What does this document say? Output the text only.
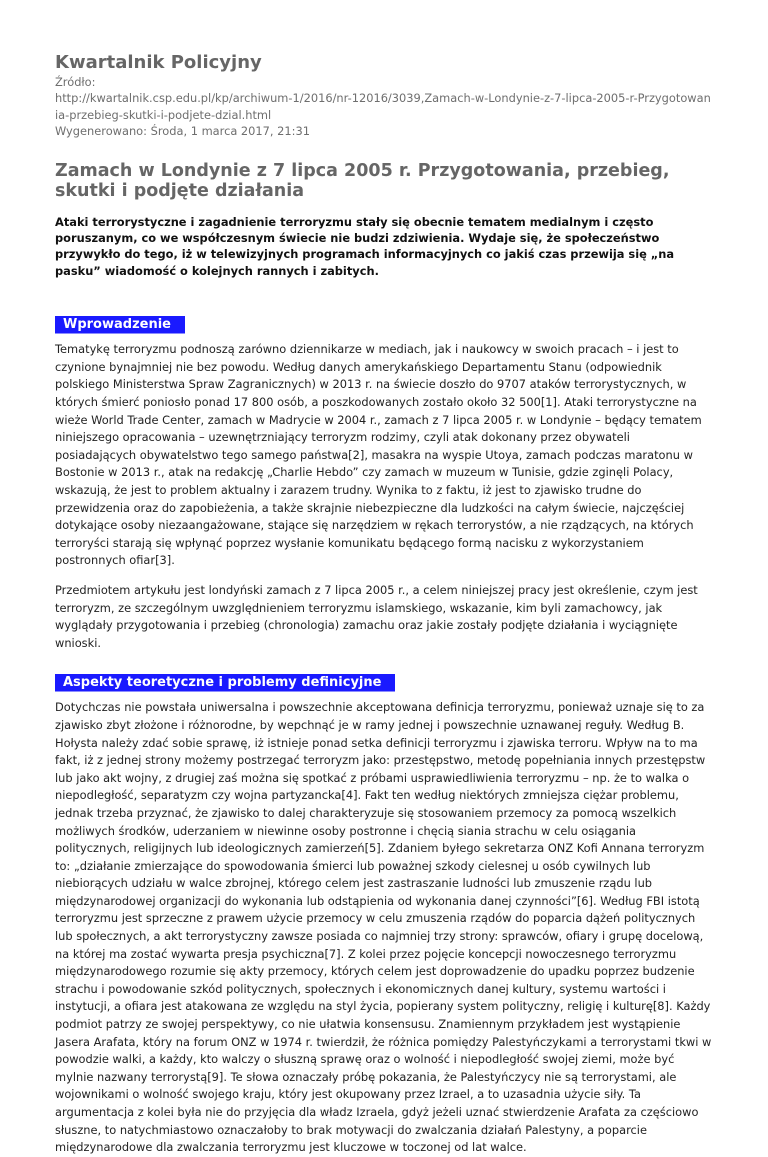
Kwartalnik Policyjny
Źródło:
http://kwartalnik.csp.edu.pl/kp/archiwum-1/2016/nr-12016/3039,Zamach-w-Londynie-z-7-lipca-2005-r-Przygotowania-przebieg-skutki-i-podjete-dzial.html
Wygenerowano: Środa, 1 marca 2017, 21:31
Zamach w Londynie z 7 lipca 2005 r. Przygotowania, przebieg, skutki i podjęte działania

Ataki terrorystyczne i zagadnienie terroryzmu stały się obecnie tematem medialnym i często poruszanym, co we współczesnym świecie nie budzi zdziwienia. Wydaje się, że społeczeństwo przywykło do tego, iż w telewizyjnych programach informacyjnych co jakiś czas przewija się „na pasku” wiadomość o kolejnych rannych i zabitych.

Wprowadzenie

Tematykę terroryzmu podnoszą zarówno dziennikarze w mediach, jak i naukowcy w swoich pracach – i jest to czynione bynajmniej nie bez powodu. Według danych amerykańskiego Departamentu Stanu (odpowiednik polskiego Ministerstwa Spraw Zagranicznych) w 2013 r. na świecie doszło do 9707 ataków terrorystycznych, w których śmierć poniosło ponad 17 800 osób, a poszkodowanych zostało około 32 500[1]. Ataki terrorystyczne na wieże World Trade Center, zamach w Madrycie w 2004 r., zamach z 7 lipca 2005 r. w Londynie – będący tematem niniejszego opracowania – uzewnętrzniający terroryzm rodzimy, czyli atak dokonany przez obywateli posiadających obywatelstwo tego samego państwa[2], masakra na wyspie Utoya, zamach podczas maratonu w Bostonie w 2013 r., atak na redakcję „Charlie Hebdo” czy zamach w muzeum w Tunisie, gdzie zginęli Polacy, wskazują, że jest to problem aktualny i zarazem trudny. Wynika to z faktu, iż jest to zjawisko trudne do przewidzenia oraz do zapobieżenia, a także skrajnie niebezpieczne dla ludzkości na całym świecie, najczęściej dotykające osoby niezaangażowane, stające się narzędziem w rękach terrorystów, a nie rządzących, na których terroryści starają się wpłynąć poprzez wysłanie komunikatu będącego formą nacisku z wykorzystaniem postronnych ofiar[3].

Przedmiotem artykułu jest londyński zamach z 7 lipca 2005 r., a celem niniejszej pracy jest określenie, czym jest terroryzm, ze szczególnym uwzględnieniem terroryzmu islamskiego, wskazanie, kim byli zamachowcy, jak wyglądały przygotowania i przebieg (chronologia) zamachu oraz jakie zostały podjęte działania i wyciągnięte wnioski.

Aspekty teoretyczne i problemy definicyjne

Dotychczas nie powstała uniwersalna i powszechnie akceptowana definicja terroryzmu, ponieważ uznaje się to za zjawisko zbyt złożone i różnorodne, by wepchnąć je w ramy jednej i powszechnie uznawanej reguły. Według B. Hołysta należy zdać sobie sprawę, iż istnieje ponad setka definicji terroryzmu i zjawiska terroru. Wpływ na to ma fakt, iż z jednej strony możemy postrzegać terroryzm jako: przestępstwo, metodę popełniania innych przestępstw lub jako akt wojny, z drugiej zaś można się spotkać z próbami usprawiedliwienia terroryzmu – np. że to walka o niepodległość, separatyzm czy wojna partyzancka[4]. Fakt ten według niektórych zmniejsza ciężar problemu, jednak trzeba przyznać, że zjawisko to dalej charakteryzuje się stosowaniem przemocy za pomocą wszelkich możliwych środków, uderzaniem w niewinne osoby postronne i chęcią siania strachu w celu osiągania politycznych, religijnych lub ideologicznych zamierzeń[5]. Zdaniem byłego sekretarza ONZ Kofi Annana terroryzm to: „działanie zmierzające do spowodowania śmierci lub poważnej szkody cielesnej u osób cywilnych lub niebiorących udziału w walce zbrojnej, którego celem jest zastraszanie ludności lub zmuszenie rządu lub międzynarodowej organizacji do wykonania lub odstąpienia od wykonania danej czynności”[6]. Według FBI istotą terroryzmu jest sprzeczne z prawem użycie przemocy w celu zmuszenia rządów do poparcia dążeń politycznych lub społecznych, a akt terrorystyczny zawsze posiada co najmniej trzy strony: sprawców, ofiary i grupę docelową, na której ma zostać wywarta presja psychiczna[7]. Z kolei przez pojęcie koncepcji nowoczesnego terroryzmu międzynarodowego rozumie się akty przemocy, których celem jest doprowadzenie do upadku poprzez budzenie strachu i powodowanie szkód politycznych, społecznych i ekonomicznych danej kultury, systemu wartości i instytucji, a ofiara jest atakowana ze względu na styl życia, popierany system polityczny, religię i kulturę[8]. Każdy podmiot patrzy ze swojej perspektywy, co nie ułatwia konsensusu. Znamiennym przykładem jest wystąpienie Jasera Arafata, który na forum ONZ w 1974 r. twierdził, że różnica pomiędzy Palestyńczykami a terrorystami tkwi w powodzie walki, a każdy, kto walczy o słuszną sprawę oraz o wolność i niepodległość swojej ziemi, może być mylnie nazwany terrorystą[9]. Te słowa oznaczały próbę pokazania, że Palestyńczycy nie są terrorystami, ale wojownikami o wolność swojego kraju, który jest okupowany przez Izrael, a to uzasadnia użycie siły. Ta argumentacja z kolei była nie do przyjęcia dla władz Izraela, gdyż jeżeli uznać stwierdzenie Arafata za częściowo słuszne, to natychmiastowo oznaczałoby to brak motywacji do zwalczania działań Palestyny, a poparcie międzynarodowe dla zwalczania terroryzmu jest kluczowe w toczonej od lat walce.
